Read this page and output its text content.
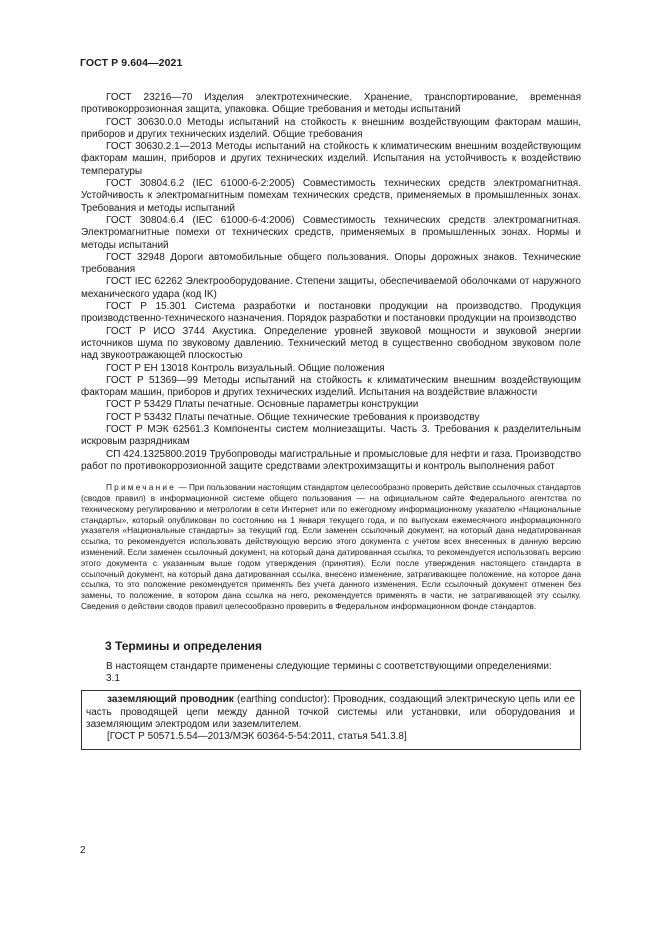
ГОСТ Р 9.604—2021

ГОСТ 23216—70 Изделия электротехнические. Хранение, транспортирование, временная противокоррозионная защита, упаковка. Общие требования и методы испытаний

ГОСТ 30630.0.0 Методы испытаний на стойкость к внешним воздействующим факторам машин, приборов и других технических изделий. Общие требования

ГОСТ 30630.2.1—2013 Методы испытаний на стойкость к климатическим внешним воздействующим факторам машин, приборов и других технических изделий. Испытания на устойчивость к воздействию температуры

ГОСТ 30804.6.2 (IEC 61000-6-2:2005) Совместимость технических средств электромагнитная. Устойчивость к электромагнитным помехам технических средств, применяемых в промышленных зонах. Требования и методы испытаний

ГОСТ 30804.6.4 (IEC 61000-6-4:2006) Совместимость технических средств электромагнитная. Электромагнитные помехи от технических средств, применяемых в промышленных зонах. Нормы и методы испытаний

ГОСТ 32948 Дороги автомобильные общего пользования. Опоры дорожных знаков. Технические требования

ГОСТ IEC 62262 Электрооборудование. Степени защиты, обеспечиваемой оболочками от наружного механического удара (код IK)

ГОСТ Р 15.301 Система разработки и постановки продукции на производство. Продукция производственно-технического назначения. Порядок разработки и постановки продукции на производство

ГОСТ Р ИСО 3744 Акустика. Определение уровней звуковой мощности и звуковой энергии источников шума по звуковому давлению. Технический метод в существенно свободном звуковом поле над звукоотражающей плоскостью

ГОСТ Р ЕН 13018 Контроль визуальный. Общие положения

ГОСТ Р 51369—99 Методы испытаний на стойкость к климатическим внешним воздействующим факторам машин, приборов и других технических изделий. Испытания на воздействие влажности

ГОСТ Р 53429 Платы печатные. Основные параметры конструкции

ГОСТ Р 53432 Платы печатные. Общие технические требования к производству

ГОСТ Р МЭК 62561.3 Компоненты систем молниезащиты. Часть 3. Требования к разделительным искровым разрядникам

СП 424.1325800.2019 Трубопроводы магистральные и промысловые для нефти и газа. Производство работ по противокоррозионной защите средствами электрохимзащиты и контроль выполнения работ

Примечание — При пользовании настоящим стандартом целесообразно проверить действие ссылочных стандартов (сводов правил) в информационной системе общего пользования — на официальном сайте Федерального агентства по техническому регулированию и метрологии в сети Интернет или по ежегодному информационному указателю «Национальные стандарты», который опубликован по состоянию на 1 января текущего года, и по выпускам ежемесячного информационного указателя «Национальные стандарты» за текущий год. Если заменен ссылочный документ, на который дана недатированная ссылка, то рекомендуется использовать действующую версию этого документа с учетом всех внесенных в данную версию изменений. Если заменен ссылочный документ, на который дана датированная ссылка, то рекомендуется использовать версию этого документа с указанным выше годом утверждения (принятия). Если после утверждения настоящего стандарта в ссылочный документ, на который дана датированная ссылка, внесено изменение, затрагивающее положение, на которое дана ссылка, то это положение рекомендуется применять без учета данного изменения. Если ссылочный документ отменен без замены, то положение, в котором дана ссылка на него, рекомендуется применять в части, не затрагивающей эту ссылку. Сведения о действии сводов правил целесообразно проверить в Федеральном информационном фонде стандартов.
3 Термины и определения

В настоящем стандарте применены следующие термины с соответствующими определениями:

3.1

заземляющий проводник (earthing conductor): Проводник, создающий электрическую цепь или ее часть проводящей цепи между данной точкой системы или установки, или оборудования и заземляющим электродом или заземлителем.

[ГОСТ Р 50571.5.54—2013/МЭК 60364-5-54:2011, статья 541.3.8]
2
